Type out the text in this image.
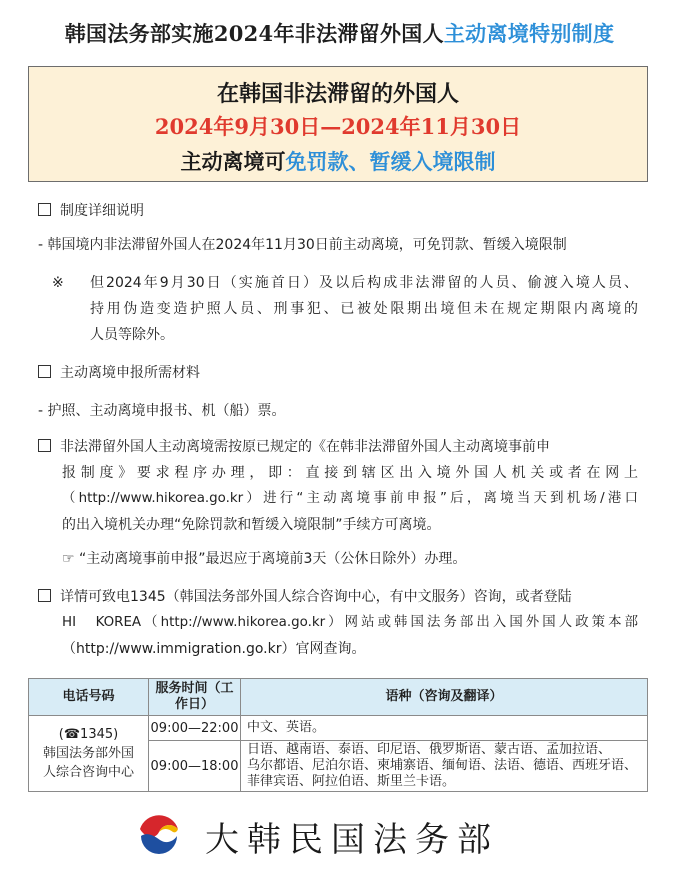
韩国法务部实施2024年非法滞留外国人主动离境特别制度
在韩国非法滞留的外国人
2024年9月30日—2024年11月30日
主动离境可免罚款、暂缓入境限制
制度详细说明
- 韩国境内非法滞留外国人在2024年11月30日前主动离境，可免罚款、暂缓入境限制
※ 但2024年9月30日（实施首日）及以后构成非法滞留的人员、偷渡入境人员、
持用伪造变造护照人员、刑事犯、已被处限期出境但未在规定期限内离境的
人员等除外。
主动离境申报所需材料
- 护照、主动离境申报书、机（船）票。
非法滞留外国人主动离境需按原已规定的《在韩非法滞留外国人主动离境事前申
报制度》要求程序办理，即：直接到辖区出入境外国人机关或者在网上
（http://www.hikorea.go.kr）进行“主动离境事前申报”后，离境当天到机场/港口
的出入境机关办理“免除罚款和暂缓入境限制”手续方可离境。
☞ “主动离境事前申报”最迟应于离境前3天（公休日除外）办理。
详情可致电1345（韩国法务部外国人综合咨询中心，有中文服务）咨询，或者登陆
HI　KOREA（http://www.hikorea.go.kr）网站或韩国法务部出入国外国人政策本部
（http://www.immigration.go.kr）官网查询。
电话号码	服务时间（工作日）	语种（咨询及翻译）

(☎1345)
韩国法务部外国
人综合咨询中心	09:00—22:00	中文、英语。
	09:00—18:00	日语、越南语、泰语、印尼语、俄罗斯语、蒙古语、孟加拉语、
乌尔都语、尼泊尔语、柬埔寨语、缅甸语、法语、德语、西班牙语、
菲律宾语、阿拉伯语、斯里兰卡语。
大韩民国法务部
